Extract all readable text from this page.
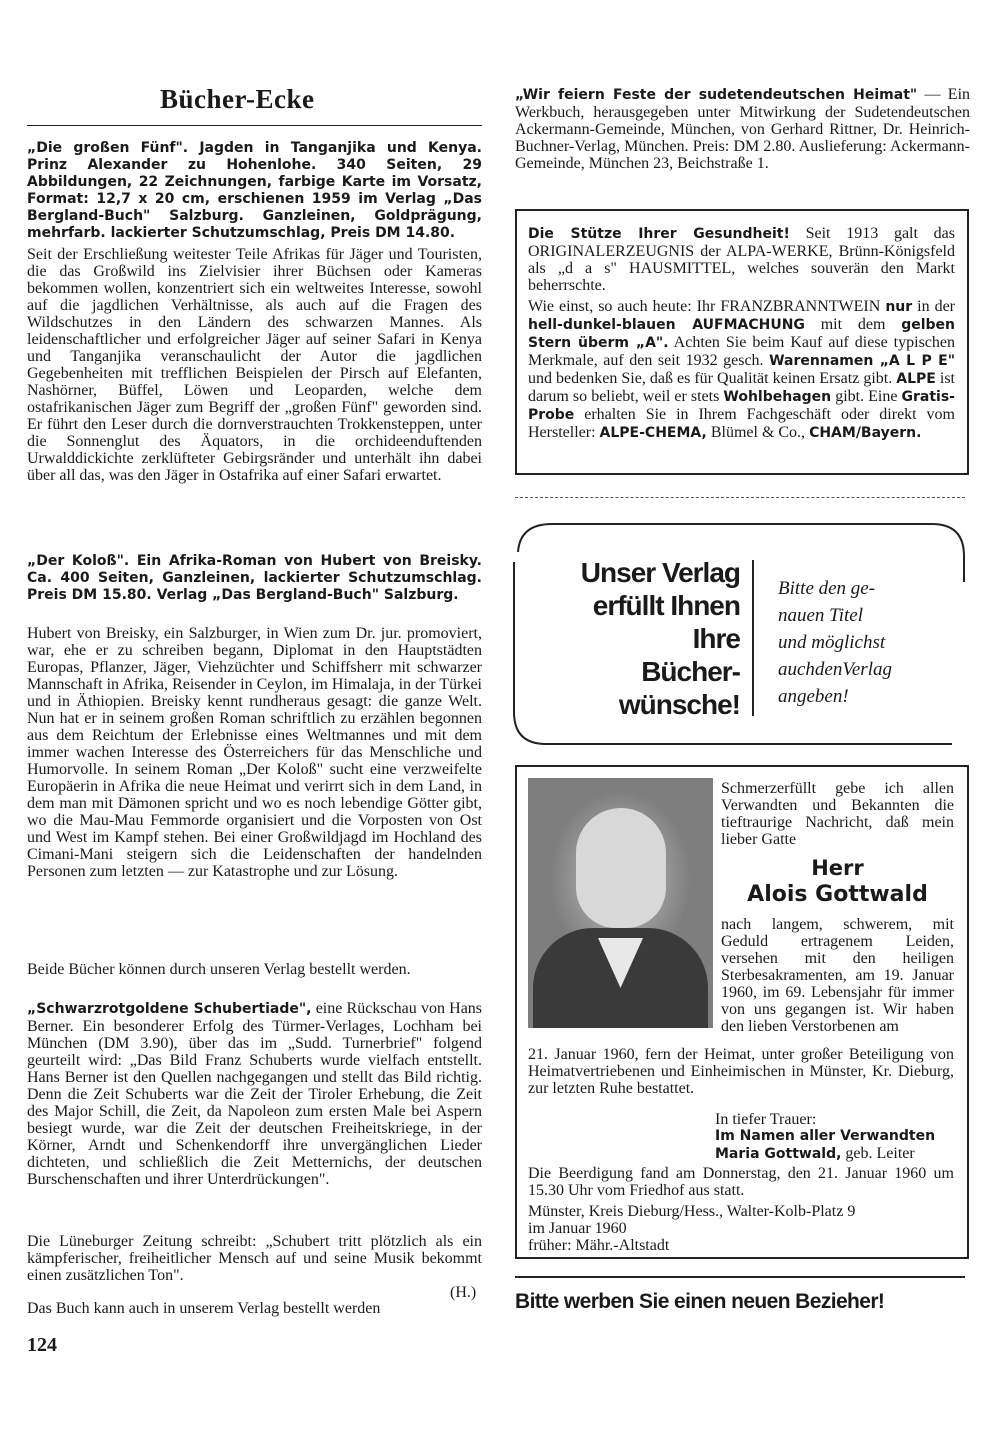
Bücher-Ecke

„Die großen Fünf". Jagden in Tanganjika und Kenya. Prinz Alexander zu Hohenlohe. 340 Seiten, 29 Abbildungen, 22 Zeichnungen, farbige Karte im Vorsatz, Format: 12,7 x 20 cm, erschienen 1959 im Verlag „Das Bergland-Buch" Salzburg. Ganzleinen, Goldprägung, mehrfarb. lackierter Schutzumschlag, Preis DM 14.80.

Seit der Erschließung weitester Teile Afrikas für Jäger und Touristen, die das Großwild ins Zielvisier ihrer Büchsen oder Kameras bekommen wollen, konzentriert sich ein weltweites Interesse, sowohl auf die jagdlichen Verhältnisse, als auch auf die Fragen des Wildschutzes in den Ländern des schwarzen Mannes. Als leidenschaftlicher und erfolgreicher Jäger auf seiner Safari in Kenya und Tanganjika veranschaulicht der Autor die jagdlichen Gegebenheiten mit trefflichen Beispielen der Pirsch auf Elefanten, Nashörner, Büffel, Löwen und Leoparden, welche dem ostafrikanischen Jäger zum Begriff der „großen Fünf" geworden sind. Er führt den Leser durch die dornverstrauchten Trokkensteppen, unter die Sonnenglut des Äquators, in die orchideenduftenden Urwalddickichte zerklüfteter Gebirgsränder und unterhält ihn dabei über all das, was den Jäger in Ostafrika auf einer Safari erwartet.

„Der Koloß". Ein Afrika-Roman von Hubert von Breisky. Ca. 400 Seiten, Ganzleinen, lackierter Schutzumschlag. Preis DM 15.80. Verlag „Das Bergland-Buch" Salzburg.

Hubert von Breisky, ein Salzburger, in Wien zum Dr. jur. promoviert, war, ehe er zu schreiben begann, Diplomat in den Hauptstädten Europas, Pflanzer, Jäger, Viehzüchter und Schiffsherr mit schwarzer Mannschaft in Afrika, Reisender in Ceylon, im Himalaja, in der Türkei und in Äthiopien. Breisky kennt rundheraus gesagt: die ganze Welt. Nun hat er in seinem großen Roman schriftlich zu erzählen begonnen aus dem Reichtum der Erlebnisse eines Weltmannes und mit dem immer wachen Interesse des Österreichers für das Menschliche und Humorvolle. In seinem Roman „Der Koloß" sucht eine verzweifelte Europäerin in Afrika die neue Heimat und verirrt sich in dem Land, in dem man mit Dämonen spricht und wo es noch lebendige Götter gibt, wo die Mau-Mau Femmorde organisiert und die Vorposten von Ost und West im Kampf stehen. Bei einer Großwildjagd im Hochland des Cimani-Mani steigern sich die Leidenschaften der handelnden Personen zum letzten — zur Katastrophe und zur Lösung.

Beide Bücher können durch unseren Verlag bestellt werden.

„Schwarzrotgoldene Schubertiade", eine Rückschau von Hans Berner. Ein besonderer Erfolg des Türmer-Verlages, Lochham bei München (DM 3.90), über das im „Sudd. Turnerbrief" folgend geurteilt wird: „Das Bild Franz Schuberts wurde vielfach entstellt. Hans Berner ist den Quellen nachgegangen und stellt das Bild richtig. Denn die Zeit Schuberts war die Zeit der Tiroler Erhebung, die Zeit des Major Schill, die Zeit, da Napoleon zum ersten Male bei Aspern besiegt wurde, war die Zeit der deutschen Freiheitskriege, in der Körner, Arndt und Schenkendorff ihre unvergänglichen Lieder dichteten, und schließlich die Zeit Metternichs, der deutschen Burschenschaften und ihrer Unterdrückungen".

Die Lüneburger Zeitung schreibt: „Schubert tritt plötzlich als ein kämpferischer, freiheitlicher Mensch auf und seine Musik bekommt einen zusätzlichen Ton".

(H.)

Das Buch kann auch in unserem Verlag bestellt werden

124

„Wir feiern Feste der sudetendeutschen Heimat" — Ein Werkbuch, herausgegeben unter Mitwirkung der Sudetendeutschen Ackermann-Gemeinde, München, von Gerhard Rittner, Dr. Heinrich-Buchner-Verlag, München. Preis: DM 2.80. Auslieferung: Ackermann-Gemeinde, München 23, Beichstraße 1.

Die Stütze Ihrer Gesundheit! Seit 1913 galt das ORIGINALERZEUGNIS der ALPA-WERKE, Brünn-Königsfeld als „d a s" HAUSMITTEL, welches souverän den Markt beherrschte.

Wie einst, so auch heute: Ihr FRANZBRANNTWEIN nur in der hell-dunkel-blauen AUFMACHUNG mit dem gelben Stern überm „A". Achten Sie beim Kauf auf diese typischen Merkmale, auf den seit 1932 gesch. Warennamen „A L P E" und bedenken Sie, daß es für Qualität keinen Ersatz gibt. ALPE ist darum so beliebt, weil er stets Wohlbehagen gibt. Eine Gratis-Probe erhalten Sie in Ihrem Fachgeschäft oder direkt vom Hersteller: ALPE-CHEMA, Blümel & Co., CHAM/Bayern.

Unser Verlag
erfüllt Ihnen
Ihre
Bücher-
wünsche!
Bitte den ge-
nauen Titel
und möglichst
auchdenVerlag
angeben!

Schmerzerfüllt gebe ich allen Verwandten und Bekannten die tieftraurige Nachricht, daß mein lieber Gatte

Herr
Alois Gottwald

nach langem, schwerem, mit Geduld ertragenem Leiden, versehen mit den heiligen Sterbesakramenten, am 19. Januar 1960, im 69. Lebensjahr für immer von uns gegangen ist. Wir haben den lieben Verstorbenen am

21. Januar 1960, fern der Heimat, unter großer Beteiligung von Heimatvertriebenen und Einheimischen in Münster, Kr. Dieburg, zur letzten Ruhe bestattet.

In tiefer Trauer:
Im Namen aller Verwandten
Maria Gottwald, geb. Leiter

Die Beerdigung fand am Donnerstag, den 21. Januar 1960 um 15.30 Uhr vom Friedhof aus statt.

Münster, Kreis Dieburg/Hess., Walter-Kolb-Platz 9
im Januar 1960
früher: Mähr.-Altstadt
Bitte werben Sie einen neuen Bezieher!
